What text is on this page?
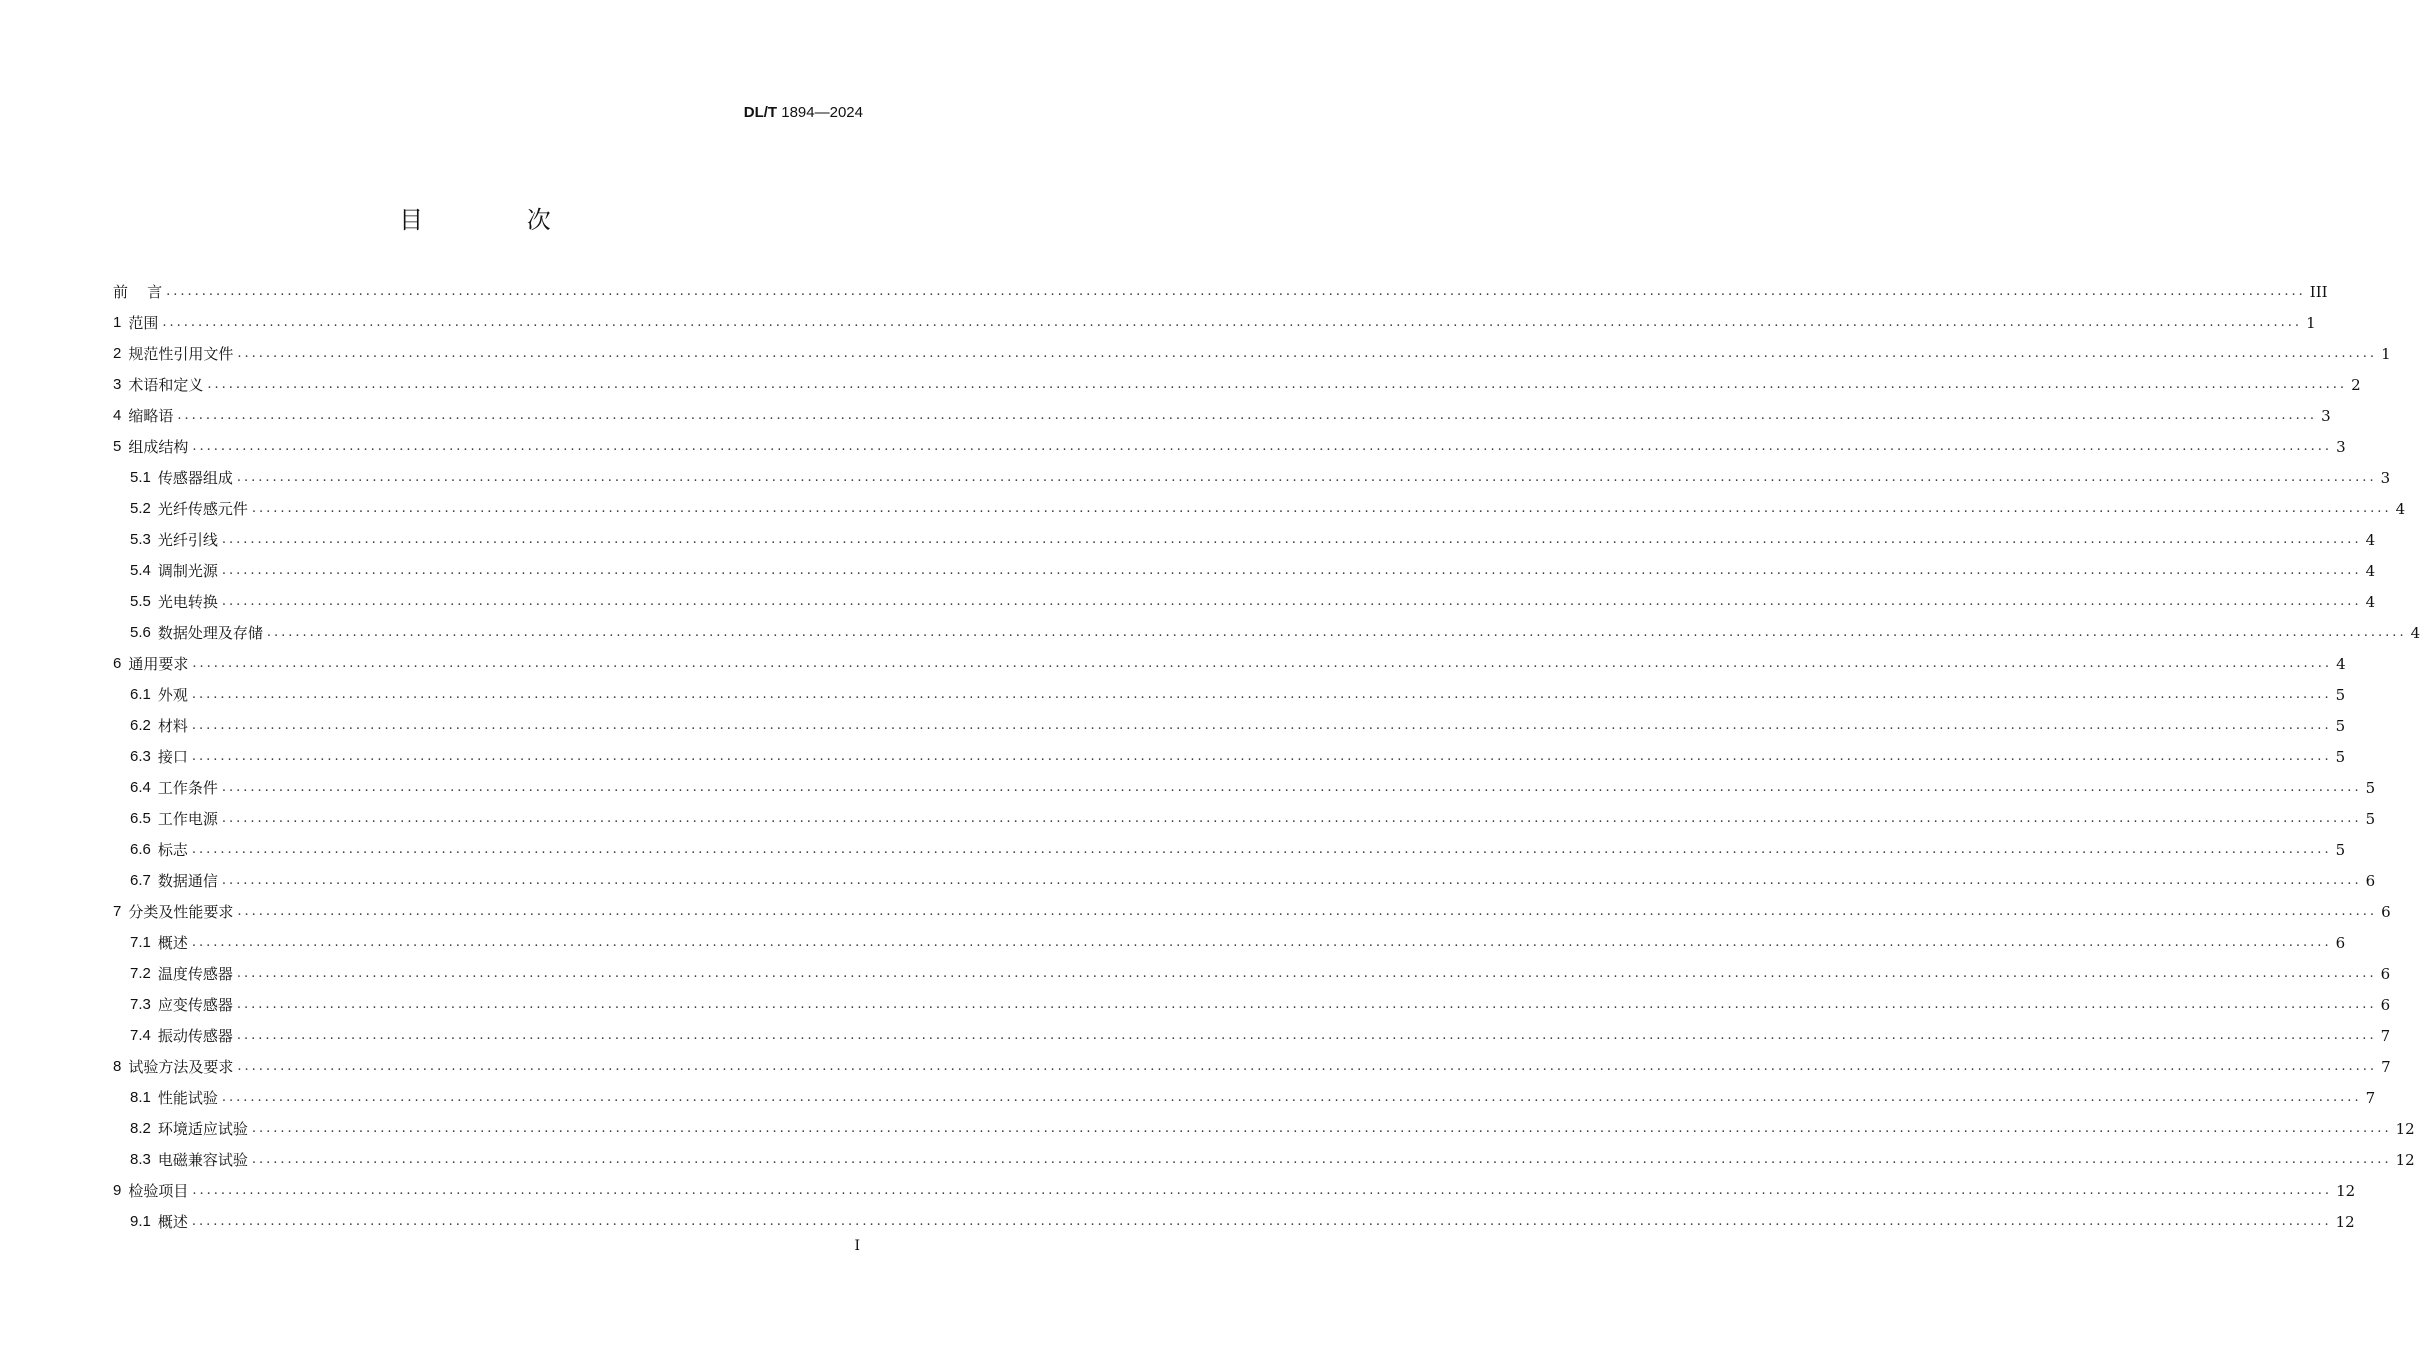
DL/T 1894—2024
目 次
前    言 ............................................................................................................................................................................................................................................................................................................ III
1 范围 ............................................................................................................................................................................................................................................................................................................ 1
2 规范性引用文件 ............................................................................................................................................................................................................................................................................................................ 1
3 术语和定义 ............................................................................................................................................................................................................................................................................................................ 2
4 缩略语 ............................................................................................................................................................................................................................................................................................................ 3
5 组成结构 ............................................................................................................................................................................................................................................................................................................ 3
5.1 传感器组成 ............................................................................................................................................................................................................................................................................................................ 3
5.2 光纤传感元件 ............................................................................................................................................................................................................................................................................................................ 4
5.3 光纤引线 ............................................................................................................................................................................................................................................................................................................ 4
5.4 调制光源 ............................................................................................................................................................................................................................................................................................................ 4
5.5 光电转换 ............................................................................................................................................................................................................................................................................................................ 4
5.6 数据处理及存储 ............................................................................................................................................................................................................................................................................................................ 4
6 通用要求 ............................................................................................................................................................................................................................................................................................................ 4
6.1 外观 ............................................................................................................................................................................................................................................................................................................ 5
6.2 材料 ............................................................................................................................................................................................................................................................................................................ 5
6.3 接口 ............................................................................................................................................................................................................................................................................................................ 5
6.4 工作条件 ............................................................................................................................................................................................................................................................................................................ 5
6.5 工作电源 ............................................................................................................................................................................................................................................................................................................ 5
6.6 标志 ............................................................................................................................................................................................................................................................................................................ 5
6.7 数据通信 ............................................................................................................................................................................................................................................................................................................ 6
7 分类及性能要求 ............................................................................................................................................................................................................................................................................................................ 6
7.1 概述 ............................................................................................................................................................................................................................................................................................................ 6
7.2 温度传感器 ............................................................................................................................................................................................................................................................................................................ 6
7.3 应变传感器 ............................................................................................................................................................................................................................................................................................................ 6
7.4 振动传感器 ............................................................................................................................................................................................................................................................................................................ 7
8 试验方法及要求 ............................................................................................................................................................................................................................................................................................................ 7
8.1 性能试验 ............................................................................................................................................................................................................................................................................................................ 7
8.2 环境适应试验 ............................................................................................................................................................................................................................................................................................................ 12
8.3 电磁兼容试验 ............................................................................................................................................................................................................................................................................................................ 12
9 检验项目 ............................................................................................................................................................................................................................................................................................................ 12
9.1 概述 ............................................................................................................................................................................................................................................................................................................ 12
I
